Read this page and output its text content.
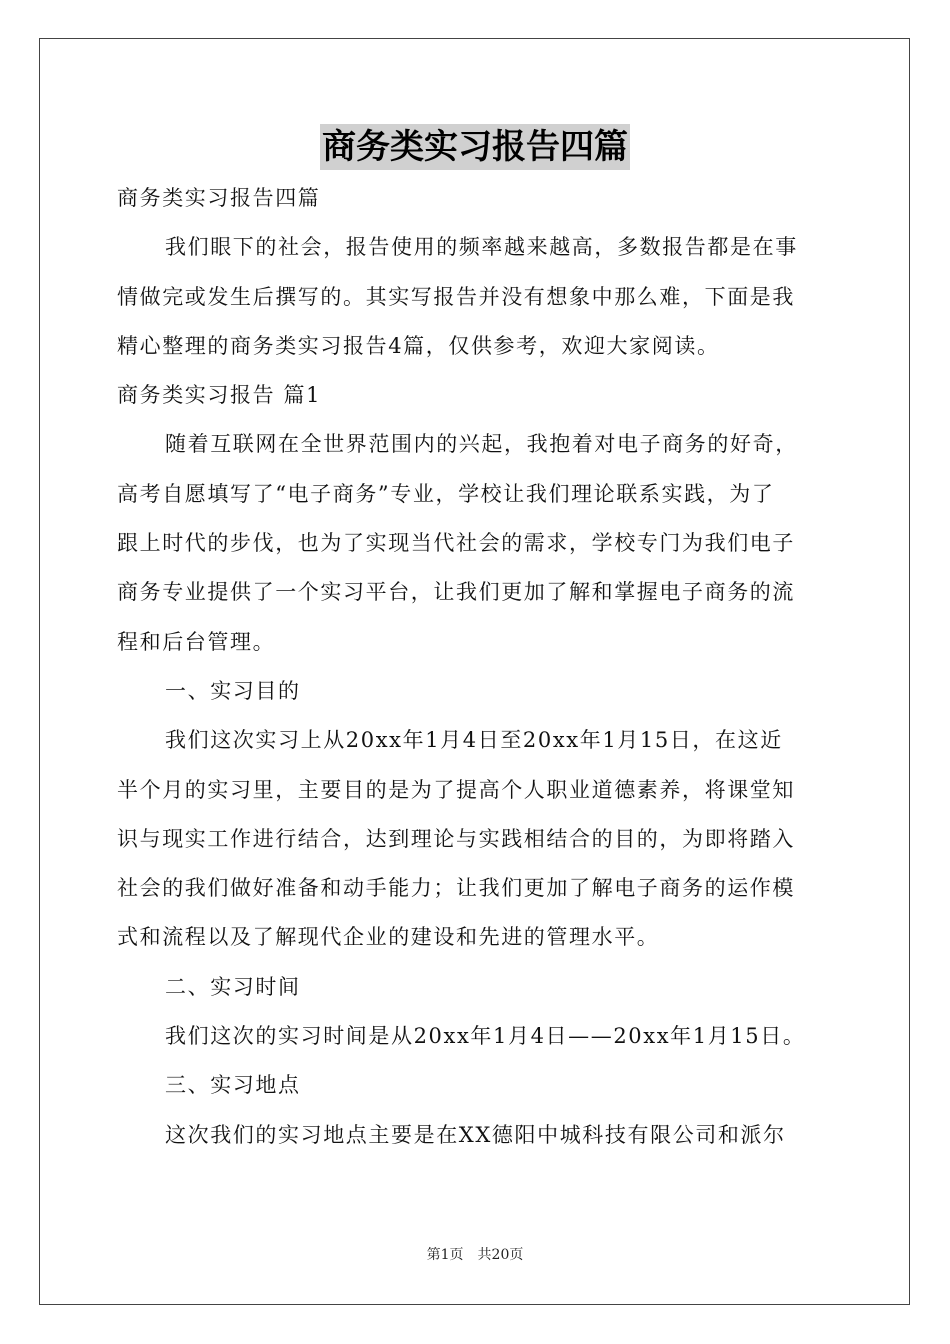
商务类实习报告四篇
商务类实习报告四篇
我们眼下的社会，报告使用的频率越来越高，多数报告都是在事
情做完或发生后撰写的。其实写报告并没有想象中那么难，下面是我
精心整理的商务类实习报告4篇，仅供参考，欢迎大家阅读。
商务类实习报告 篇1
随着互联网在全世界范围内的兴起，我抱着对电子商务的好奇，
高考自愿填写了“电子商务”专业，学校让我们理论联系实践，为了
跟上时代的步伐，也为了实现当代社会的需求，学校专门为我们电子
商务专业提供了一个实习平台，让我们更加了解和掌握电子商务的流
程和后台管理。
一、实习目的
我们这次实习上从20xx年1月4日至20xx年1月15日，在这近
半个月的实习里，主要目的是为了提高个人职业道德素养，将课堂知
识与现实工作进行结合，达到理论与实践相结合的目的，为即将踏入
社会的我们做好准备和动手能力；让我们更加了解电子商务的运作模
式和流程以及了解现代企业的建设和先进的管理水平。
二、实习时间
我们这次的实习时间是从20xx年1月4日——20xx年1月15日。
三、实习地点
这次我们的实习地点主要是在XX德阳中城科技有限公司和派尔
第1页　共20页
